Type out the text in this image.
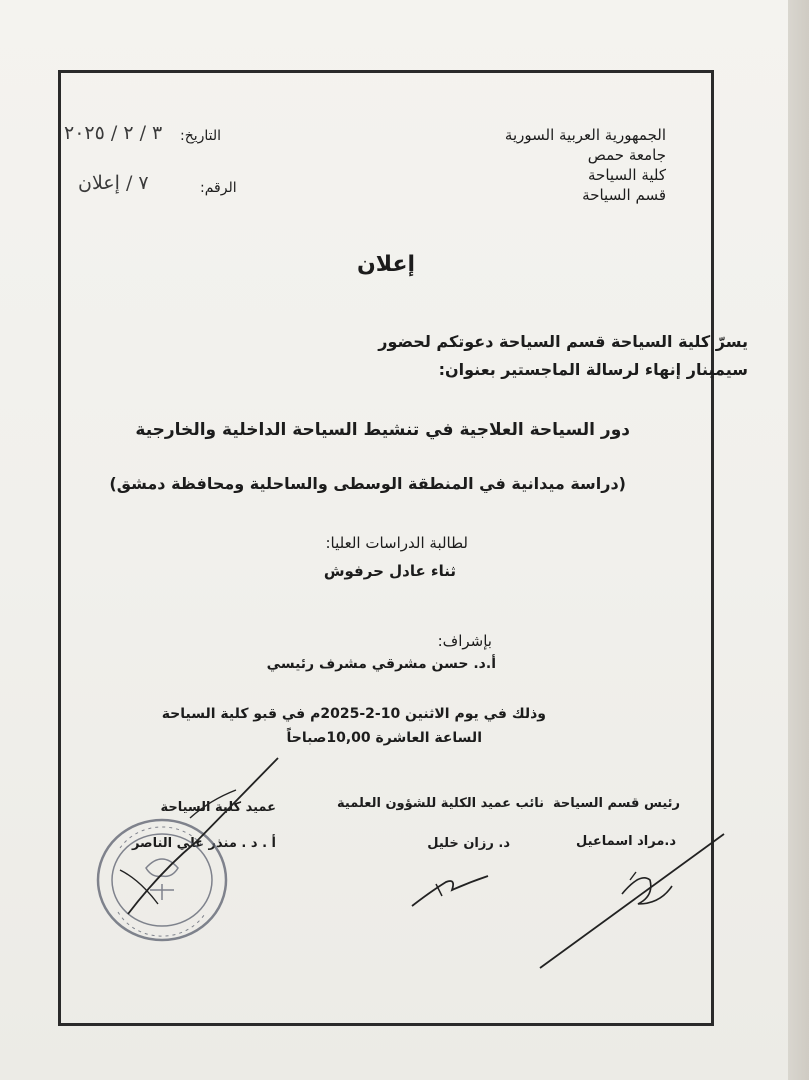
الجمهورية العربية السورية
جامعة حمص
كلية السياحة
قسم السياحة
التاريخ:
٣ / ٢ / ٢٠٢٥
الرقم:
٧ / إعلان
إعلان
يسرّ كلية السياحة قسم السياحة دعوتكم لحضور
سيمينار إنهاء لرسالة الماجستير بعنوان:
دور السياحة العلاجية في تنشيط السياحة الداخلية والخارجية
(دراسة ميدانية في المنطقة الوسطى والساحلية ومحافظة دمشق)
لطالبة الدراسات العليا:
ثناء عادل حرفوش
بإشراف:
أ.د. حسن مشرقي مشرف رئيسي
وذلك في يوم الاثنين 10-2-2025م في قبو كلية السياحة
الساعة العاشرة 10,00صباحاً
رئيس قسم السياحة
د.مراد اسماعيل
نائب عميد الكلية للشؤون العلمية
د. رزان خليل
عميد كلية السياحة
أ . د . منذر علي الناصر
